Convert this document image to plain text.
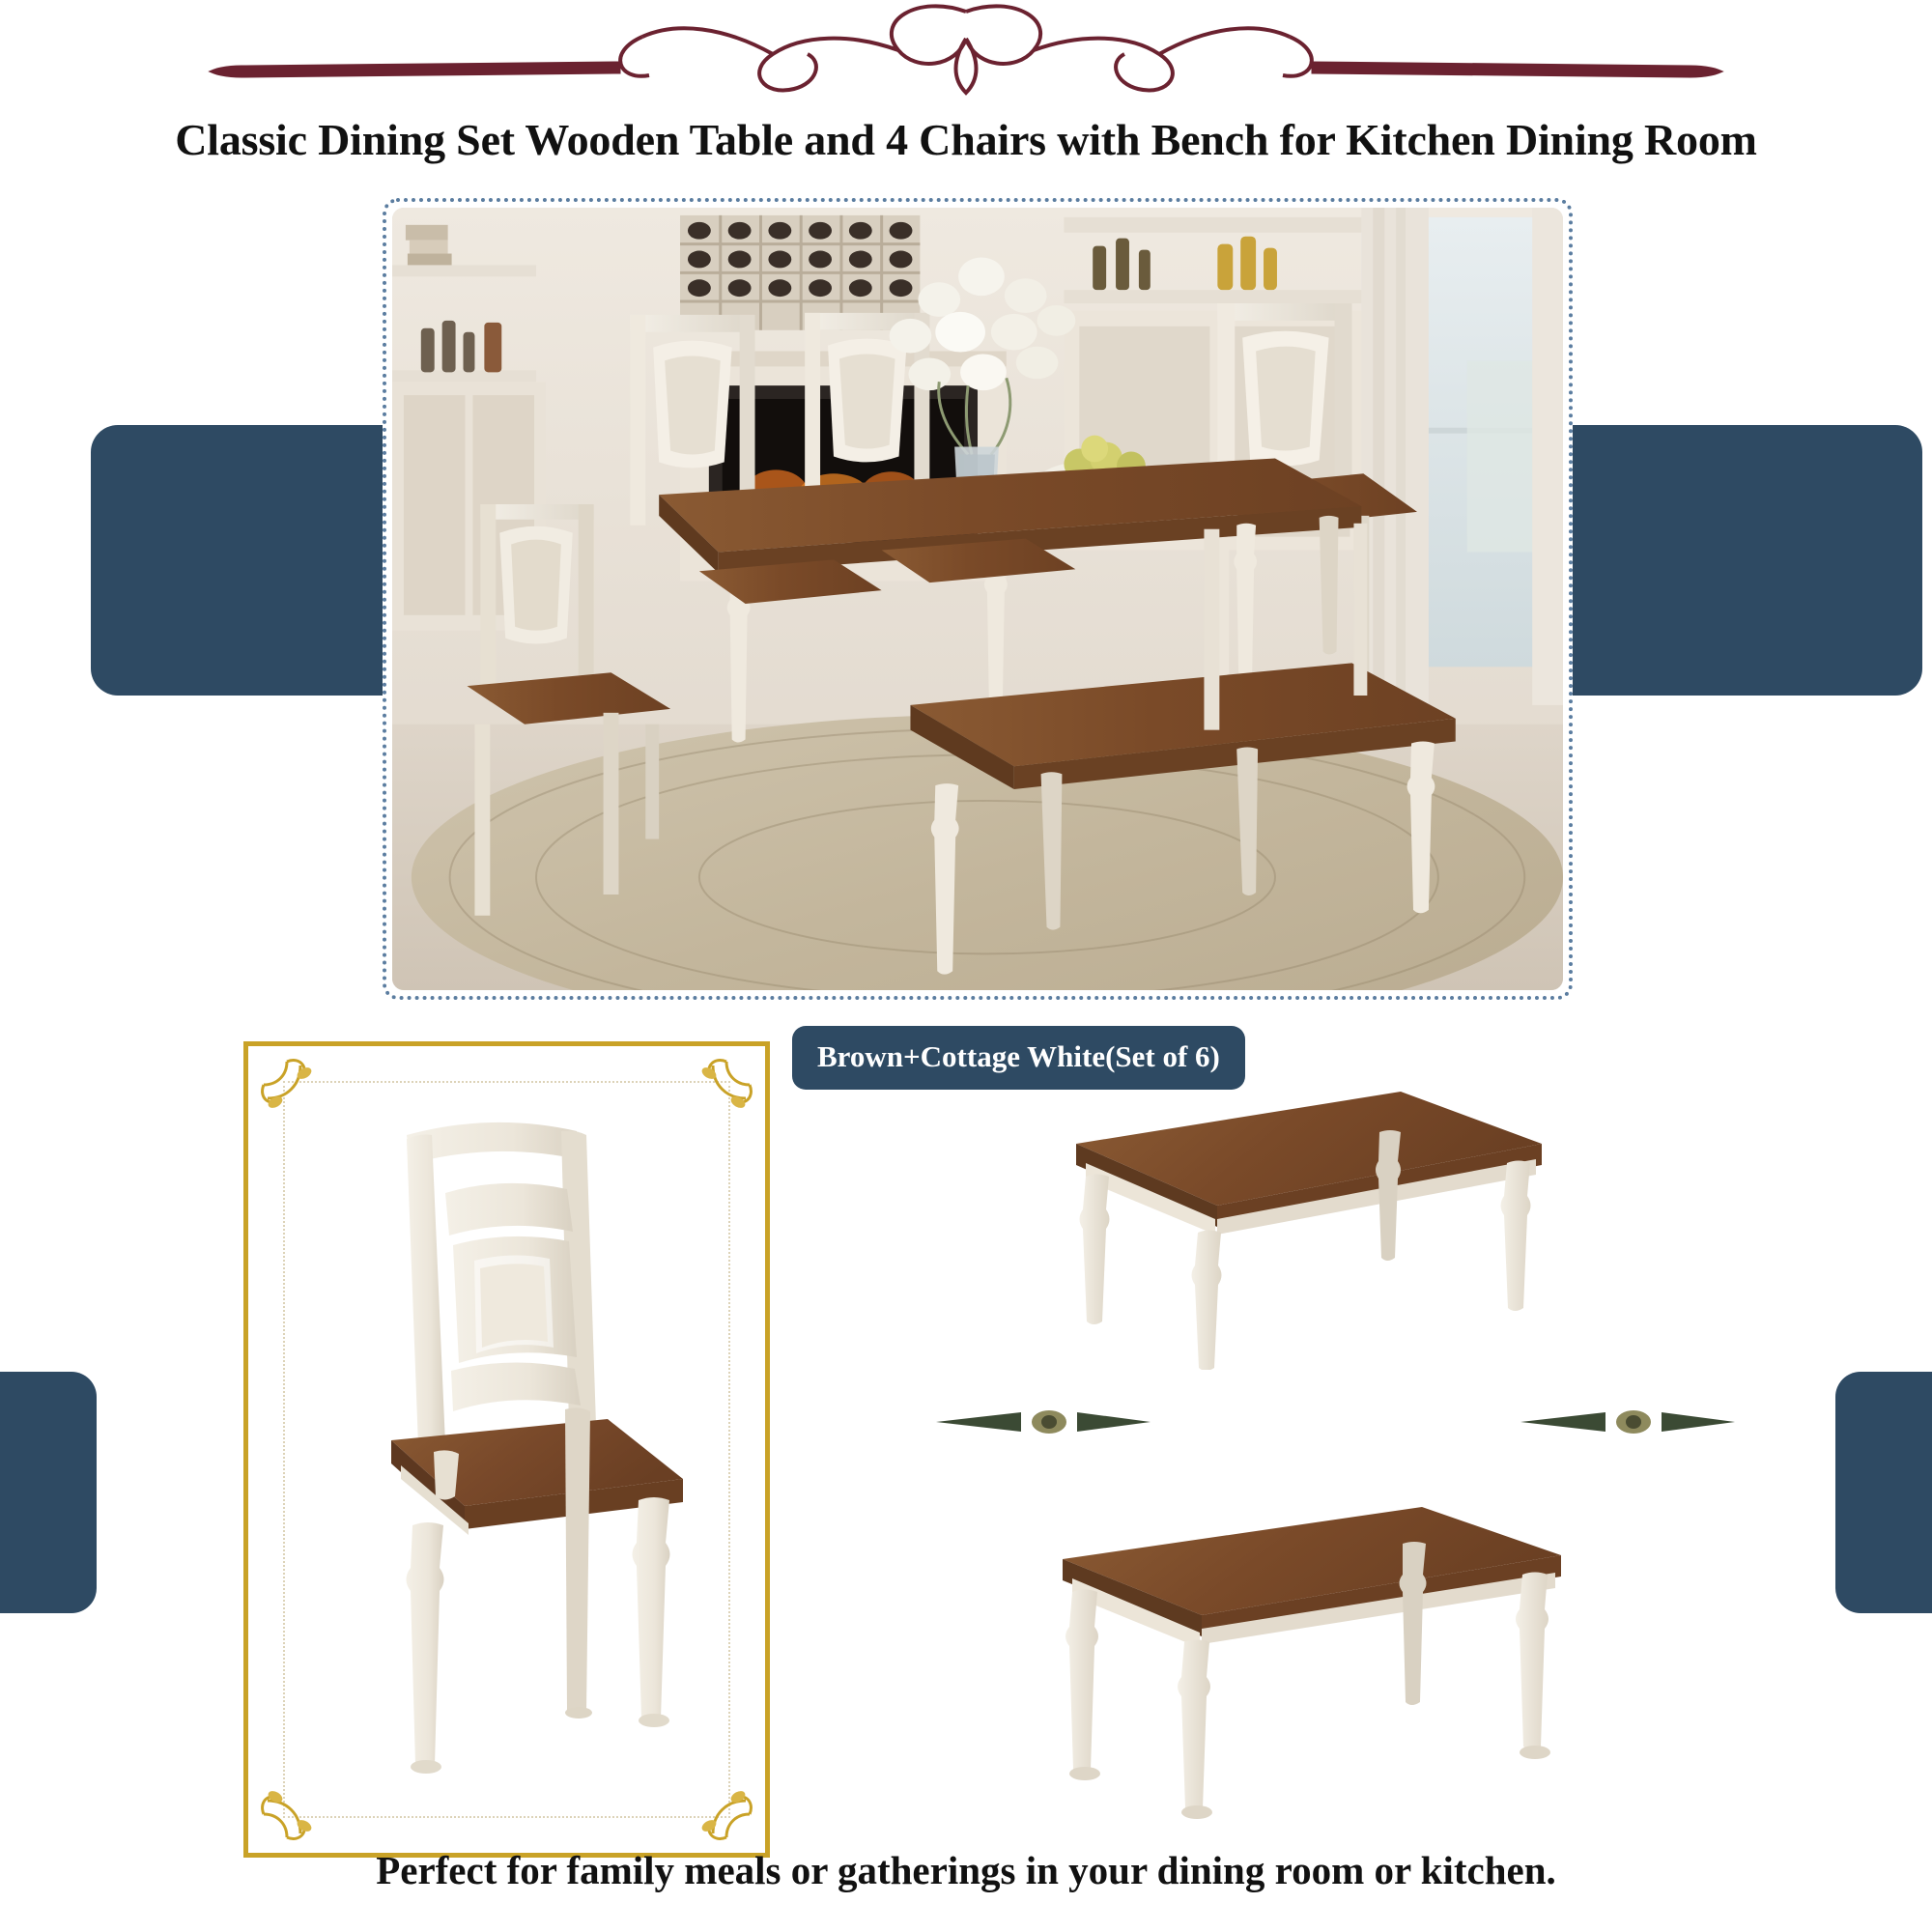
Classic Dining Set Wooden Table and 4 Chairs with Bench for Kitchen Dining Room
Brown+Cottage White(Set of 6)
Perfect for family meals or gatherings in your dining room or kitchen.
